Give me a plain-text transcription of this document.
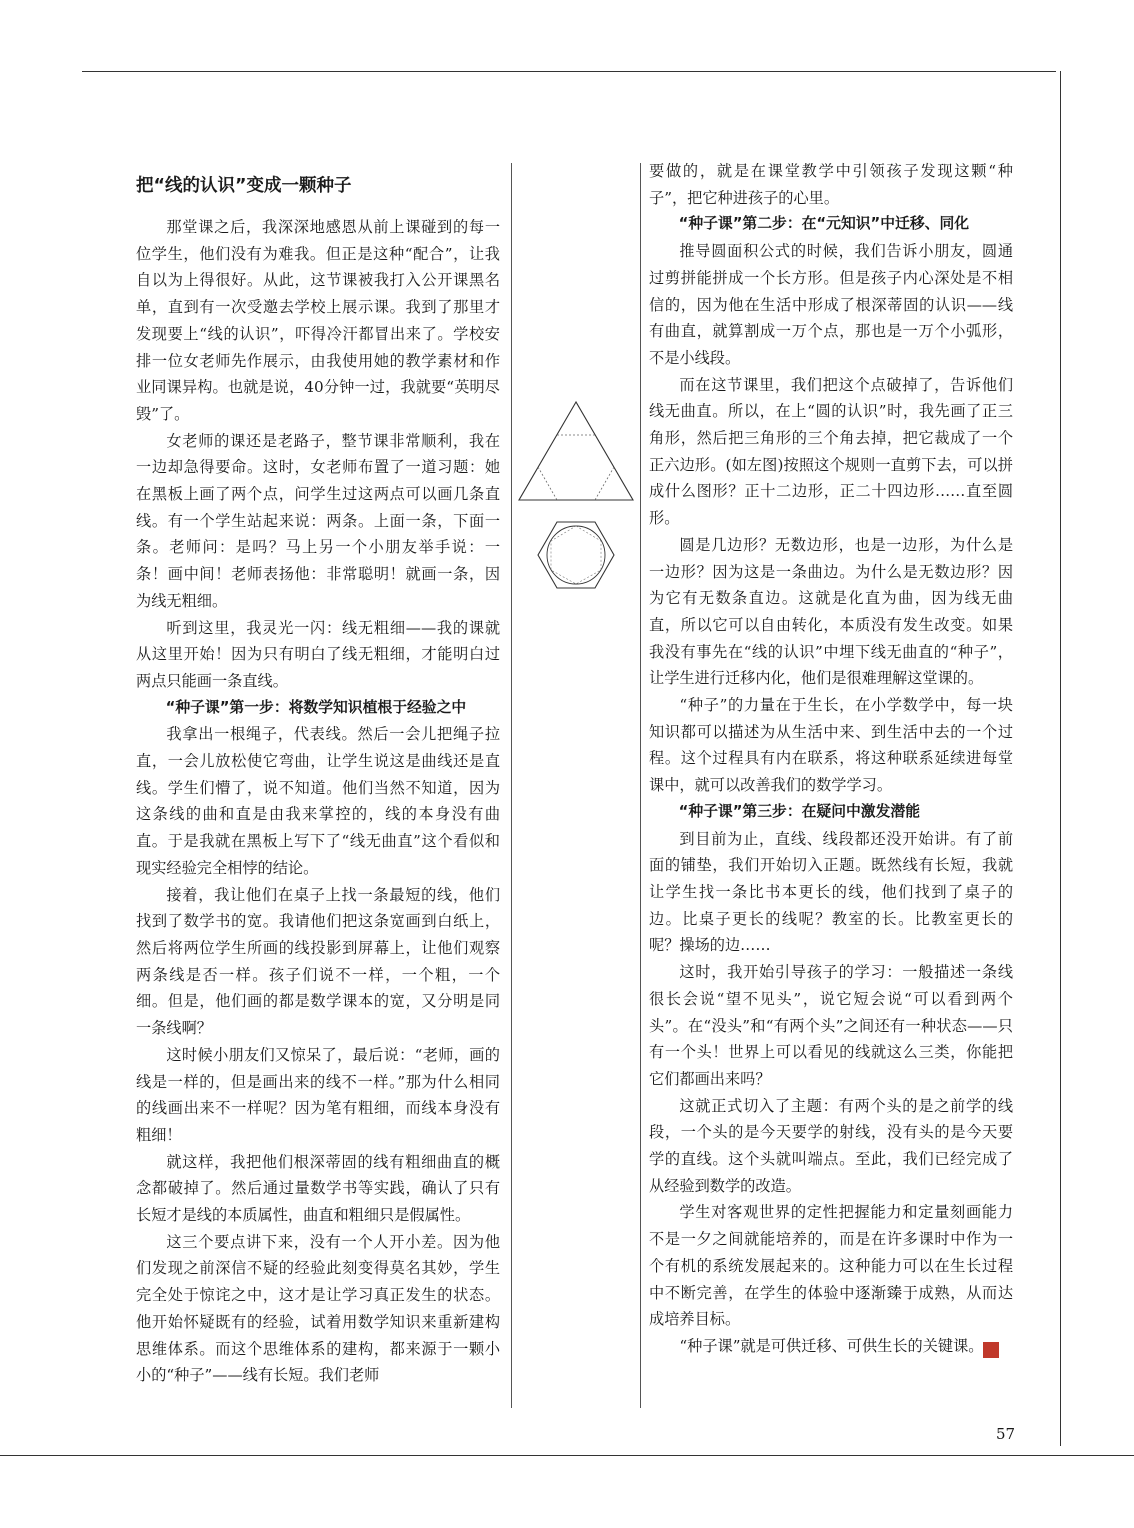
把“线的认识”变成一颗种子

那堂课之后，我深深地感恩从前上课碰到的每一位学生，他们没有为难我。但正是这种“配合”，让我自以为上得很好。从此，这节课被我打入公开课黑名单，直到有一次受邀去学校上展示课。我到了那里才发现要上“线的认识”，吓得冷汗都冒出来了。学校安排一位女老师先作展示，由我使用她的教学素材和作业同课异构。也就是说，40分钟一过，我就要“英明尽毁”了。

女老师的课还是老路子，整节课非常顺利，我在一边却急得要命。这时，女老师布置了一道习题：她在黑板上画了两个点，问学生过这两点可以画几条直线。有一个学生站起来说：两条。上面一条，下面一条。老师问：是吗？马上另一个小朋友举手说：一条！画中间！老师表扬他：非常聪明！就画一条，因为线无粗细。

听到这里，我灵光一闪：线无粗细——我的课就从这里开始！因为只有明白了线无粗细，才能明白过两点只能画一条直线。

“种子课”第一步：将数学知识植根于经验之中

我拿出一根绳子，代表线。然后一会儿把绳子拉直，一会儿放松使它弯曲，让学生说这是曲线还是直线。学生们懵了，说不知道。他们当然不知道，因为这条线的曲和直是由我来掌控的，线的本身没有曲直。于是我就在黑板上写下了“线无曲直”这个看似和现实经验完全相悖的结论。

接着，我让他们在桌子上找一条最短的线，他们找到了数学书的宽。我请他们把这条宽画到白纸上，然后将两位学生所画的线投影到屏幕上，让他们观察两条线是否一样。孩子们说不一样，一个粗，一个细。但是，他们画的都是数学课本的宽，又分明是同一条线啊？

这时候小朋友们又惊呆了，最后说：“老师，画的线是一样的，但是画出来的线不一样。”那为什么相同的线画出来不一样呢？因为笔有粗细，而线本身没有粗细！

就这样，我把他们根深蒂固的线有粗细曲直的概念都破掉了。然后通过量数学书等实践，确认了只有长短才是线的本质属性，曲直和粗细只是假属性。

这三个要点讲下来，没有一个人开小差。因为他们发现之前深信不疑的经验此刻变得莫名其妙，学生完全处于惊诧之中，这才是让学习真正发生的状态。他开始怀疑既有的经验，试着用数学知识来重新建构思维体系。而这个思维体系的建构，都来源于一颗小小的“种子”——线有长短。我们老师

要做的，就是在课堂教学中引领孩子发现这颗“种子”，把它种进孩子的心里。

“种子课”第二步：在“元知识”中迁移、同化

推导圆面积公式的时候，我们告诉小朋友，圆通过剪拼能拼成一个长方形。但是孩子内心深处是不相信的，因为他在生活中形成了根深蒂固的认识——线有曲直，就算割成一万个点，那也是一万个小弧形，不是小线段。

而在这节课里，我们把这个点破掉了，告诉他们线无曲直。所以，在上“圆的认识”时，我先画了正三角形，然后把三角形的三个角去掉，把它裁成了一个正六边形。(如左图)按照这个规则一直剪下去，可以拼成什么图形？正十二边形，正二十四边形……直至圆形。

圆是几边形？无数边形，也是一边形，为什么是一边形？因为这是一条曲边。为什么是无数边形？因为它有无数条直边。这就是化直为曲，因为线无曲直，所以它可以自由转化，本质没有发生改变。如果我没有事先在“线的认识”中埋下线无曲直的“种子”，让学生进行迁移内化，他们是很难理解这堂课的。

“种子”的力量在于生长，在小学数学中，每一块知识都可以描述为从生活中来、到生活中去的一个过程。这个过程具有内在联系，将这种联系延续进每堂课中，就可以改善我们的数学学习。

“种子课”第三步：在疑问中激发潜能

到目前为止，直线、线段都还没开始讲。有了前面的铺垫，我们开始切入正题。既然线有长短，我就让学生找一条比书本更长的线，他们找到了桌子的边。比桌子更长的线呢？教室的长。比教室更长的呢？操场的边……

这时，我开始引导孩子的学习：一般描述一条线很长会说“望不见头”，说它短会说“可以看到两个头”。在“没头”和“有两个头”之间还有一种状态——只有一个头！世界上可以看见的线就这么三类，你能把它们都画出来吗？

这就正式切入了主题：有两个头的是之前学的线段，一个头的是今天要学的射线，没有头的是今天要学的直线。这个头就叫端点。至此，我们已经完成了从经验到数学的改造。

学生对客观世界的定性把握能力和定量刻画能力不是一夕之间就能培养的，而是在许多课时中作为一个有机的系统发展起来的。这种能力可以在生长过程中不断完善，在学生的体验中逐渐臻于成熟，从而达成培养目标。

“种子课”就是可供迁移、可供生长的关键课。	家

57
